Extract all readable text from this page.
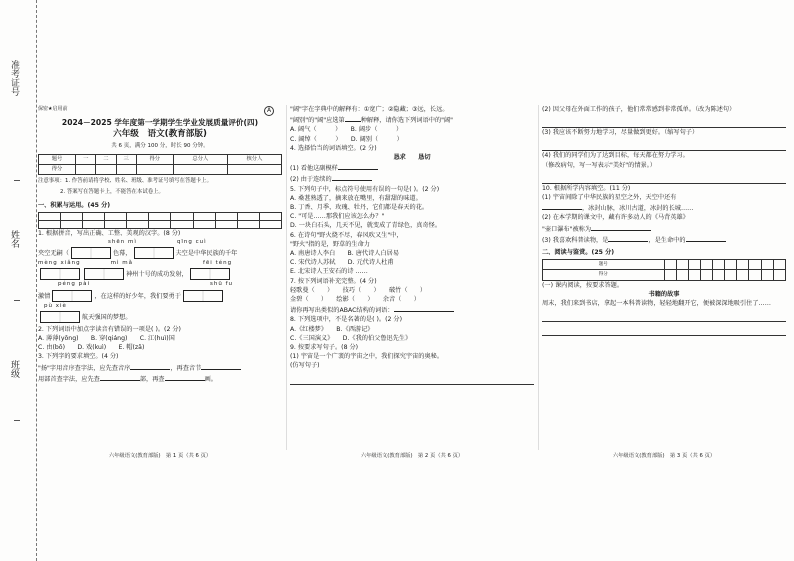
准考证号
姓名
班级
保密★启用前	A
2024－2025 学年度第一学期学生学业发展质量评价(四)
六年级　语文(教育部版)
共 6 页，满分 100 分，时长 90 分钟。
题号	一	二	三	得分	总分人	核分人
得分						
注意事项：1. 作答前请将学校、姓名、班级、准考证号填写在答题卡上。
2. 答案写在答题卡上，不能答在本试卷上。
一、积累与运用。(45 分)

1. 根据拼音，写出正确、工整、美观的汉字。(8 分)
shēn mì	qīng cuì
夹空无嗣（	色幕，	夫空是中华民族的千年
mèng xiǎng	mì mǎ	fēi téng
神州十号的成功发射，
péng pài	shū fu
激情	，在这样的好少年，我们要勇于
pù xiè
航天强国的梦想。
2. 下列词语中加点字读音有错误的一项是( )。(2 分)
A. 薄薄(yōng)　　B. 穿(qiáng)　　C. 江(huì)国
C. 由(bō)　　D. 戏(kuì)　　E. 帽(zā)
3. 下列字的要求填空。(4 分)
"扬"字用音序查字法，应先查音序	，再查音节
用部首查字法，应先查	部，再查	画。
"阔"字在字典中的解释有：①宽广；②隐藏；③远，长远。
"阔别"的"阔"应选第	种解释，请你选下列词语中的"阔"
A. 阔气（　　　）　　B. 阔步（　　　）
C. 阔绰（　　　）　　D. 阔别（　　　）
4. 选择恰当的词语填空。(2 分)
恳求　　恳切
(1) 看他这副模样
(2) 由于连续的
5. 下列句子中，标点符号使用有误的一句是( )。(2 分)
A. 桑葚熟透了，摘来放在嘴里，有甜甜的味道。
B. 丁香、月季、玫瑰、牡丹，它们都是春天的花。
C. "可是……那我们应该怎么办？"
D. 一块白石头，几天不见，就变成了青绿色，真奇怪。
6. 在诗句"野火烧不尽，春风吹又生"中，
"野火"指的是，野草的生命力
A. 南唐诗人李白　　B. 唐代诗人白居易
C. 宋代诗人苏轼　　D. 元代诗人杜甫
E. 北宋诗人王安石的诗 ……
7. 按下列词语补充完整。(4 分)
轻歌曼（　　）　　技巧（　　）　　破竹（　　）
金碧（　　）　　绘影（　　）　　余音（　　）
请你再写出类似的ABAC结构的词语：
8. 下列选项中，不是名著的是( )。(2 分)
A.《红楼梦》　　B.《西游记》
C.《三国演义》　　D.《我的伯父鲁迅先生》
9. 按要求写句子。(8 分)
(1) 宇宙是一个广袤的宇宙之中，我们探究宇宙的奥秘。
(仿写句子)
(2) 因父母在外面工作的孩子，他们常常感到非常孤单。（改为陈述句）
(3) 我应该不断努力地学习，尽量做到更好。（缩写句子）
(4) 我们的同学们为了达到目标，每天都在努力学习。
（修改病句，写一写表示"美好"的情景。）
10. 根据所学内容填空。(11 分)
(1) 宇宙间除了中华民族的星空之外，天空中还有
，冰封山脉，冰川古道，冰封的长城……
(2) 在本学期的课文中，藏有许多动人的《马背英雄》
"壶口瀑布"被称为
(3) 我喜欢科普读物，是	，是生命中的
二、阅读与鉴赏。(25 分)
题号										
得分										
(一) 课内阅读，按要求答题。
书籍的故事
周末，我们来到书店，拿起一本科普读物，轻轻地翻开它，便被深深地吸引住了……
六年级语文(教育部版)　第 1 页（共 6 页）	六年级语文(教育部版)　第 2 页（共 6 页）	六年级语文(教育部版)　第 3 页（共 6 页）
